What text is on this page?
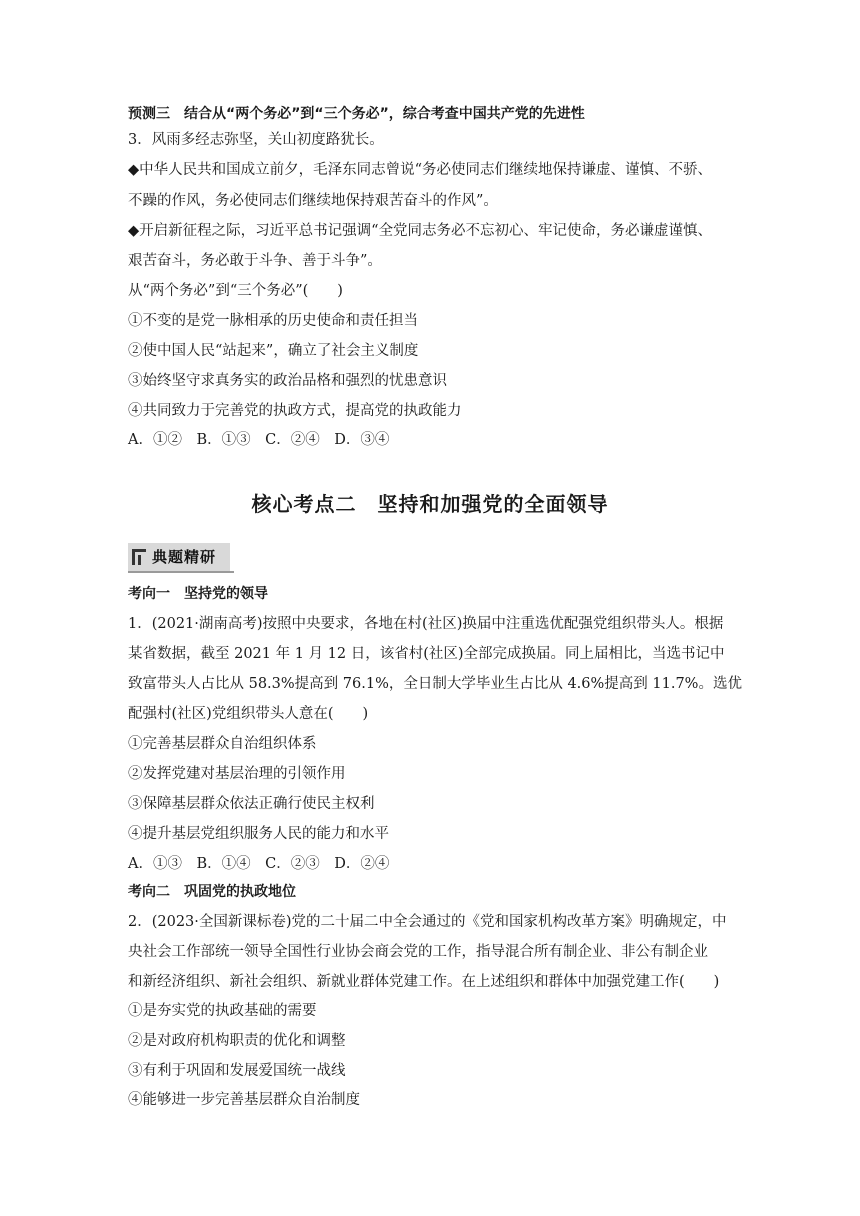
预测三　结合从“两个务必”到“三个务必”，综合考查中国共产党的先进性
3．风雨多经志弥坚，关山初度路犹长。
◆中华人民共和国成立前夕，毛泽东同志曾说“务必使同志们继续地保持谦虚、谨慎、不骄、
不躁的作风，务必使同志们继续地保持艰苦奋斗的作风”。
◆开启新征程之际，习近平总书记强调“全党同志务必不忘初心、牢记使命，务必谦虚谨慎、
艰苦奋斗，务必敢于斗争、善于斗争”。
从“两个务必”到“三个务必”(　　)
①不变的是党一脉相承的历史使命和责任担当
②使中国人民“站起来”，确立了社会主义制度
③始终坚守求真务实的政治品格和强烈的忧患意识
④共同致力于完善党的执政方式，提高党的执政能力
A．①②　B．①③　C．②④　D．③④
核心考点二　坚持和加强党的全面领导
典题精研
考向一　坚持党的领导
1．(2021·湖南高考)按照中央要求，各地在村(社区)换届中注重选优配强党组织带头人。根据
某省数据，截至 2021 年 1 月 12 日，该省村(社区)全部完成换届。同上届相比，当选书记中
致富带头人占比从 58.3%提高到 76.1%，全日制大学毕业生占比从 4.6%提高到 11.7%。选优
配强村(社区)党组织带头人意在(　　)
①完善基层群众自治组织体系
②发挥党建对基层治理的引领作用
③保障基层群众依法正确行使民主权利
④提升基层党组织服务人民的能力和水平
A．①③　B．①④　C．②③　D．②④
考向二　巩固党的执政地位
2．(2023·全国新课标卷)党的二十届二中全会通过的《党和国家机构改革方案》明确规定，中
央社会工作部统一领导全国性行业协会商会党的工作，指导混合所有制企业、非公有制企业
和新经济组织、新社会组织、新就业群体党建工作。在上述组织和群体中加强党建工作(　　)
①是夯实党的执政基础的需要
②是对政府机构职责的优化和调整
③有利于巩固和发展爱国统一战线
④能够进一步完善基层群众自治制度
